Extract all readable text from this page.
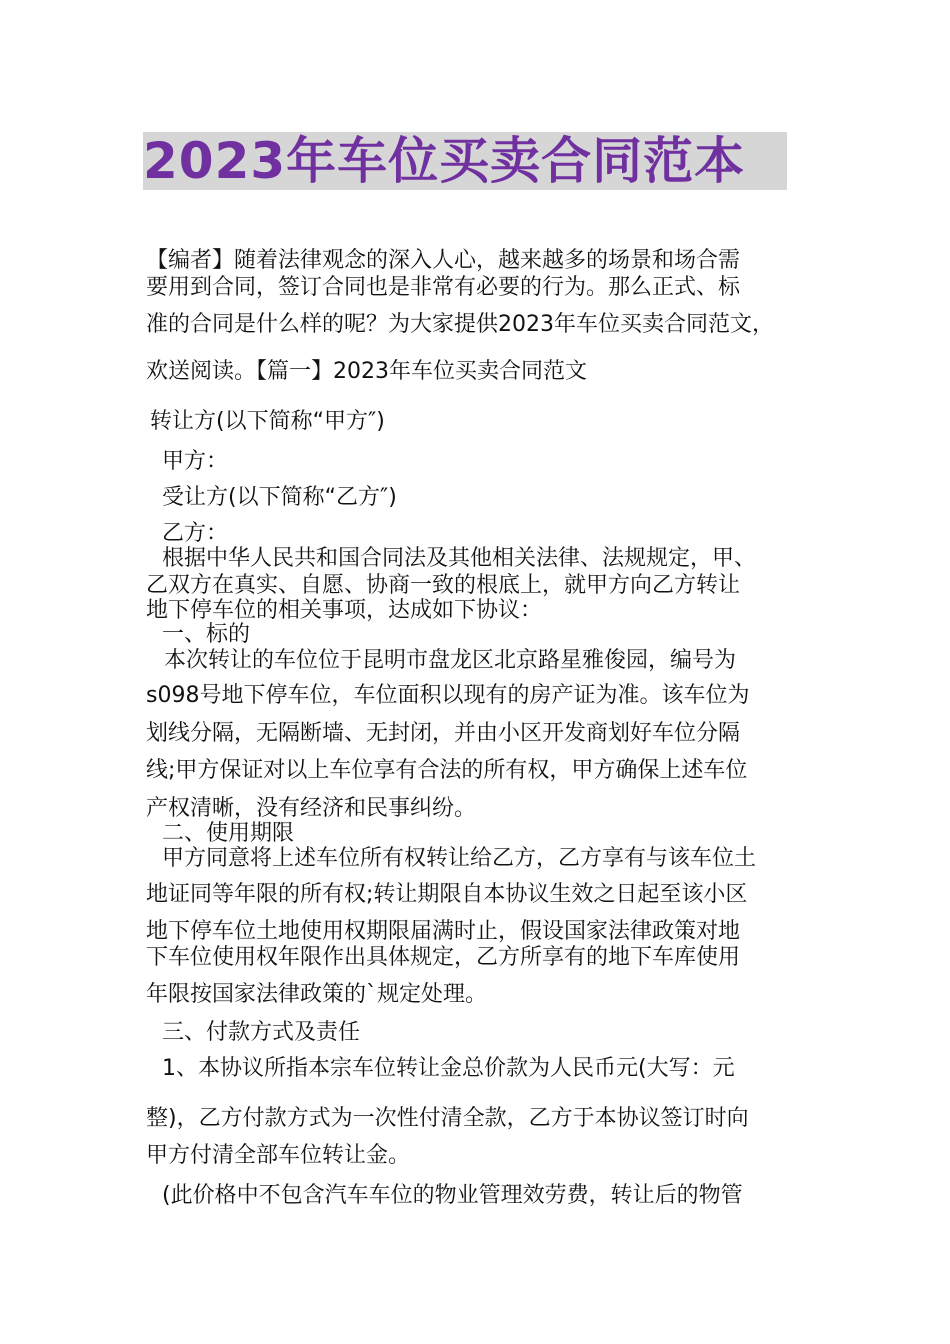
2023年车位买卖合同范本
【编者】随着法律观念的深入人心，越来越多的场景和场合需
要用到合同，签订合同也是非常有必要的行为。那么正式、标
准的合同是什么样的呢？为大家提供2023年车位买卖合同范文，
欢送阅读。【篇一】2023年车位买卖合同范文
转让方(以下简称“甲方″)
甲方：
受让方(以下简称“乙方″)
乙方：
根据中华人民共和国合同法及其他相关法律、法规规定，甲、
乙双方在真实、自愿、协商一致的根底上，就甲方向乙方转让
地下停车位的相关事项，达成如下协议：
一、标的
本次转让的车位位于昆明市盘龙区北京路星雅俊园，编号为
s098号地下停车位，车位面积以现有的房产证为准。该车位为
划线分隔，无隔断墙、无封闭，并由小区开发商划好车位分隔
线;甲方保证对以上车位享有合法的所有权，甲方确保上述车位
产权清晰，没有经济和民事纠纷。
二、使用期限
甲方同意将上述车位所有权转让给乙方，乙方享有与该车位土
地证同等年限的所有权;转让期限自本协议生效之日起至该小区
地下停车位土地使用权期限届满时止，假设国家法律政策对地
下车位使用权年限作出具体规定，乙方所享有的地下车库使用
年限按国家法律政策的`规定处理。
三、付款方式及责任
1、本协议所指本宗车位转让金总价款为人民币元(大写：元
整)，乙方付款方式为一次性付清全款，乙方于本协议签订时向
甲方付清全部车位转让金。
(此价格中不包含汽车车位的物业管理效劳费，转让后的物管
